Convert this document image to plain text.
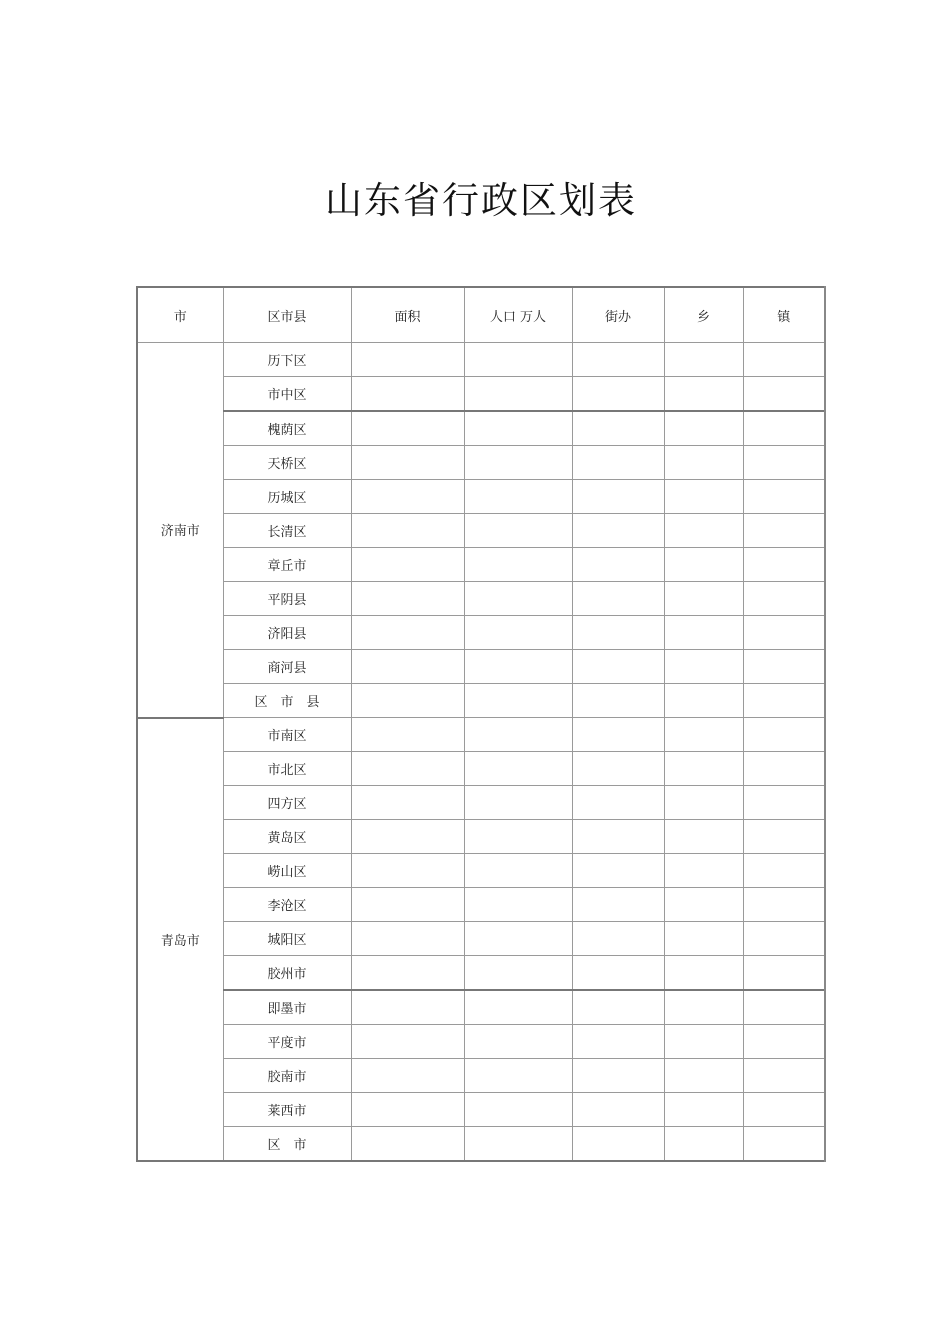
山东省行政区划表
市	区市县	面积	人口 万人	街办	乡	镇
济南市	历下区					
	市中区					
	槐荫区					
	天桥区					
	历城区					
	长清区					
	章丘市					
	平阴县					
	济阳县					
	商河县					
	区　市　县					
青岛市	市南区					
	市北区					
	四方区					
	黄岛区					
	崂山区					
	李沧区					
	城阳区					
	胶州市					
	即墨市					
	平度市					
	胶南市					
	莱西市					
	区　市					
